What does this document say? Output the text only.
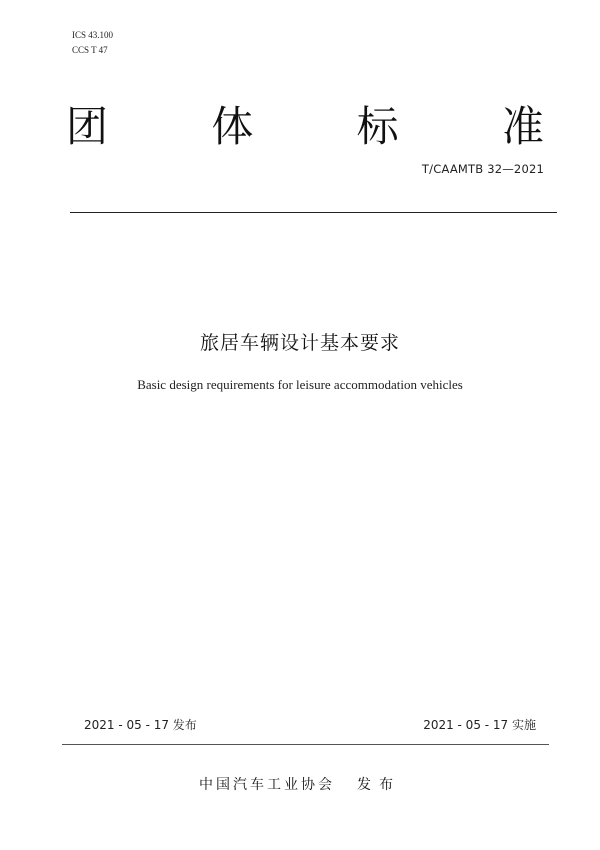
ICS 43.100
CCS T 47
团 体 标 准
T/CAAMTB 32—2021
旅居车辆设计基本要求
Basic design requirements for leisure accommodation vehicles
2021 - 05 - 17 发布	2021 - 05 - 17 实施
中国汽车工业协会 发布
